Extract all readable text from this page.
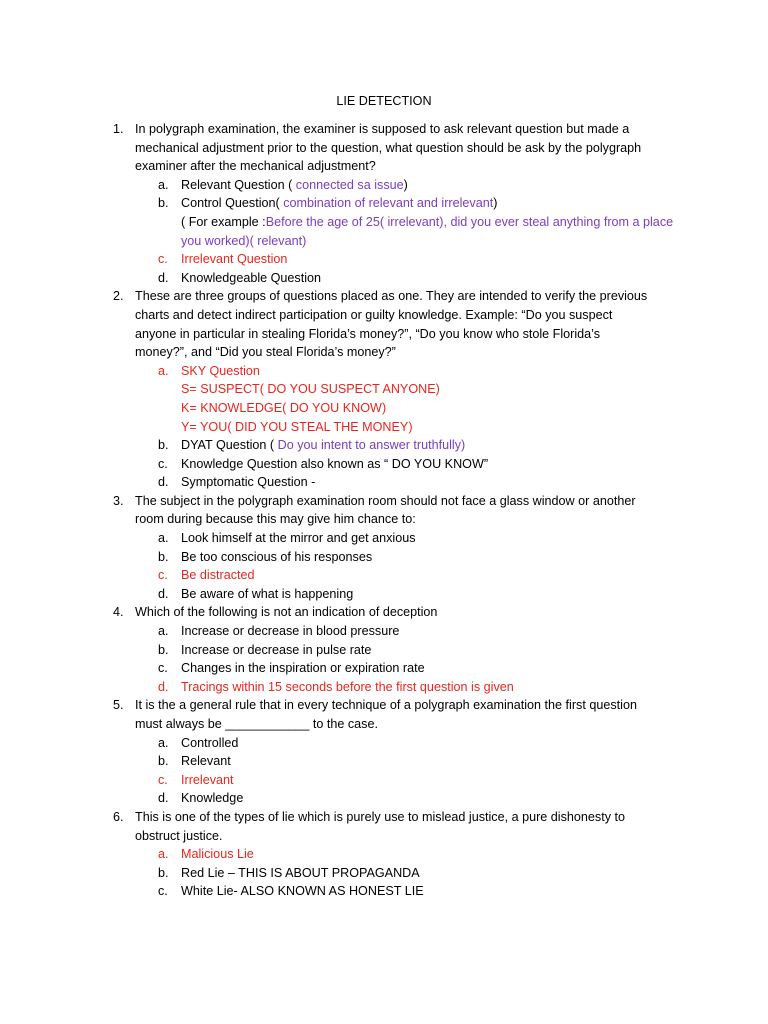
LIE DETECTION
1. In polygraph examination, the examiner is supposed to ask relevant question but made a mechanical adjustment prior to the question, what question should be ask by the polygraph examiner after the mechanical adjustment?
a. Relevant Question ( connected sa issue)
b. Control Question( combination of relevant and irrelevant)
( For example :Before the age of 25( irrelevant), did you ever steal anything from a place you worked)( relevant)
c.	Irrelevant Question
d. Knowledgeable Question
2. These are three groups of questions placed as one. They are intended to verify the previous charts and detect indirect participation or guilty knowledge. Example: “Do you suspect anyone in particular in stealing Florida’s money?”, “Do you know who stole Florida’s money?”, and “Did you steal Florida’s money?”
a. SKY Question
S= SUSPECT( DO YOU SUSPECT ANYONE)
K= KNOWLEDGE( DO YOU KNOW)
Y= YOU( DID YOU STEAL THE MONEY)
b. DYAT Question ( Do you intent to answer truthfully)
c.	Knowledge Question also known as “ DO YOU KNOW”
d. Symptomatic Question -
3. The subject in the polygraph examination room should not face a glass window or another room during because this may give him chance to:
a. Look himself at the mirror and get anxious
b. Be too conscious of his responses
c.	Be distracted
d. Be aware of what is happening
4. Which of the following is not an indication of deception
a. Increase or decrease in blood pressure
b. Increase or decrease in pulse rate
c.	Changes in the inspiration or expiration rate
d. Tracings within 15 seconds before the first question is given
5. It is the a general rule that in every technique of a polygraph examination the first question must always be ____________ to the case.
a. Controlled
b. Relevant
c.	Irrelevant
d. Knowledge
6. This is one of the types of lie which is purely use to mislead justice, a pure dishonesty to obstruct justice.
a. Malicious Lie
b. Red Lie – THIS IS ABOUT PROPAGANDA
c.	White Lie- ALSO KNOWN AS HONEST LIE
